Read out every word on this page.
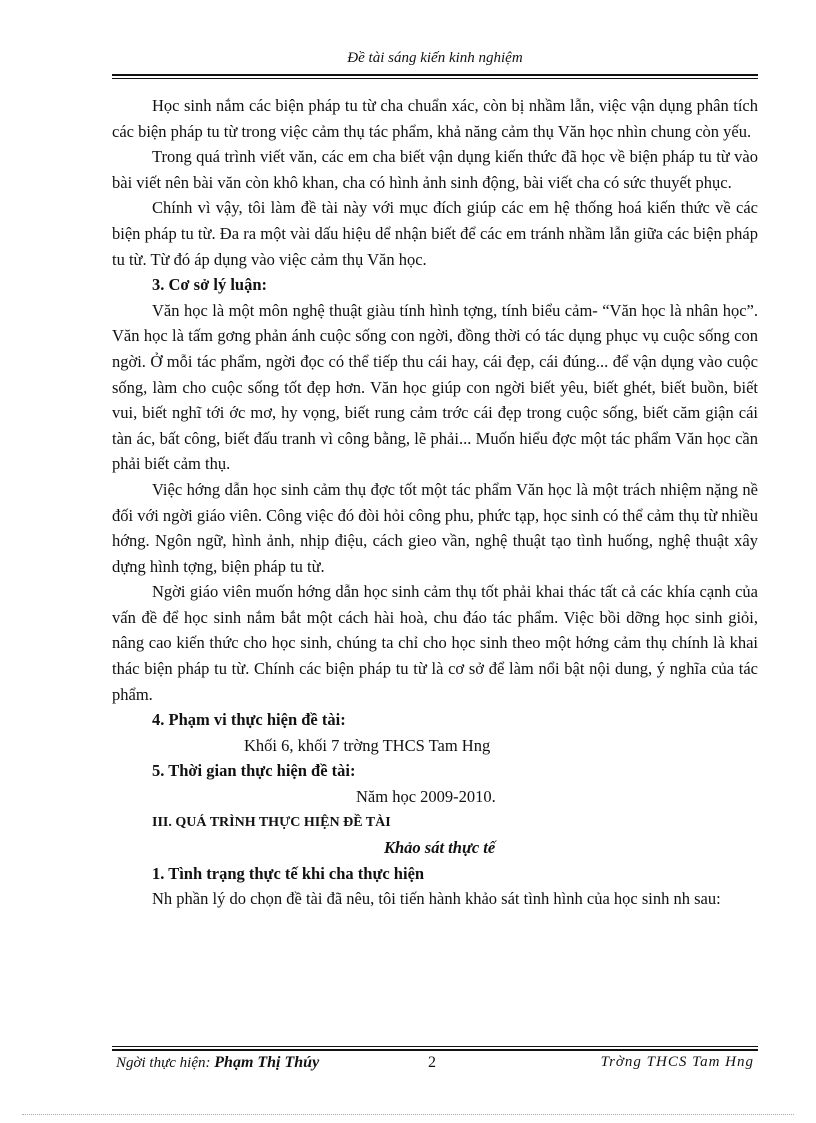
Đề tài sáng kiến kinh nghiệm

Học sinh nắm các biện pháp tu từ cha chuẩn xác, còn bị nhầm lẫn, việc vận dụng phân tích các biện pháp tu từ trong việc cảm thụ tác phẩm, khả năng cảm thụ Văn học nhìn chung còn yếu.

Trong quá trình viết văn, các em cha biết vận dụng kiến thức đã học về biện pháp tu từ vào bài viết nên bài văn còn khô khan, cha có hình ảnh sinh động, bài viết cha có sức thuyết phục.

Chính vì vậy, tôi làm đề tài này với mục đích giúp các em hệ thống hoá kiến thức về các biện pháp tu từ. Đa ra một vài dấu hiệu dể nhận biết để các em tránh nhầm lẫn giữa các biện pháp tu từ. Từ đó áp dụng vào việc cảm thụ Văn học.

3. Cơ sở lý luận:

Văn học là một môn nghệ thuật giàu tính hình tợng, tính biểu cảm- “Văn học là nhân học”. Văn học là tấm gơng phản ánh cuộc sống con ngời, đồng thời có tác dụng phục vụ cuộc sống con ngời. Ở mỗi tác phẩm, ngời đọc có thể tiếp thu cái hay, cái đẹp, cái đúng... để vận dụng vào cuộc sống, làm cho cuộc sống tốt đẹp hơn. Văn học giúp con ngời biết yêu, biết ghét, biết buồn, biết vui, biết nghĩ tới ớc mơ, hy vọng, biết rung cảm trớc cái đẹp trong cuộc sống, biết căm giận cái tàn ác, bất công, biết đấu tranh vì công bằng, lẽ phải... Muốn hiểu đợc một tác phẩm Văn học cần phải biết cảm thụ.

Việc hớng dẫn học sinh cảm thụ đợc tốt một tác phẩm Văn học là một trách nhiệm nặng nề đối với ngời giáo viên. Công việc đó đòi hỏi công phu, phức tạp, học sinh có thể cảm thụ từ nhiều hớng. Ngôn ngữ, hình ảnh, nhịp điệu, cách gieo vần, nghệ thuật tạo tình huống, nghệ thuật xây dựng hình tợng, biện pháp tu từ.

Ngời giáo viên muốn hớng dẫn học sinh cảm thụ tốt phải khai thác tất cả các khía cạnh của vấn đề để học sinh nắm bắt một cách hài hoà, chu đáo tác phẩm. Việc bồi dỡng học sinh giỏi, nâng cao kiến thức cho học sinh, chúng ta chỉ cho học sinh theo một hớng cảm thụ chính là khai thác biện pháp tu từ. Chính các biện pháp tu từ là cơ sở để làm nổi bật nội dung, ý nghĩa của tác phẩm.

4. Phạm vi thực hiện đề tài:
Khối 6, khối 7 trờng THCS Tam Hng
5. Thời gian thực hiện đề tài:
Năm học 2009-2010.
III. QUÁ TRÌNH THỰC HIỆN ĐỀ TÀI
Khảo sát thực tế
1. Tình trạng thực tế khi cha thực hiện

Nh phần lý do chọn đề tài đã nêu, tôi tiến hành khảo sát tình hình của học sinh nh sau:

Ngời thực hiện: Phạm Thị Thúy	2	Trờng THCS Tam Hng
